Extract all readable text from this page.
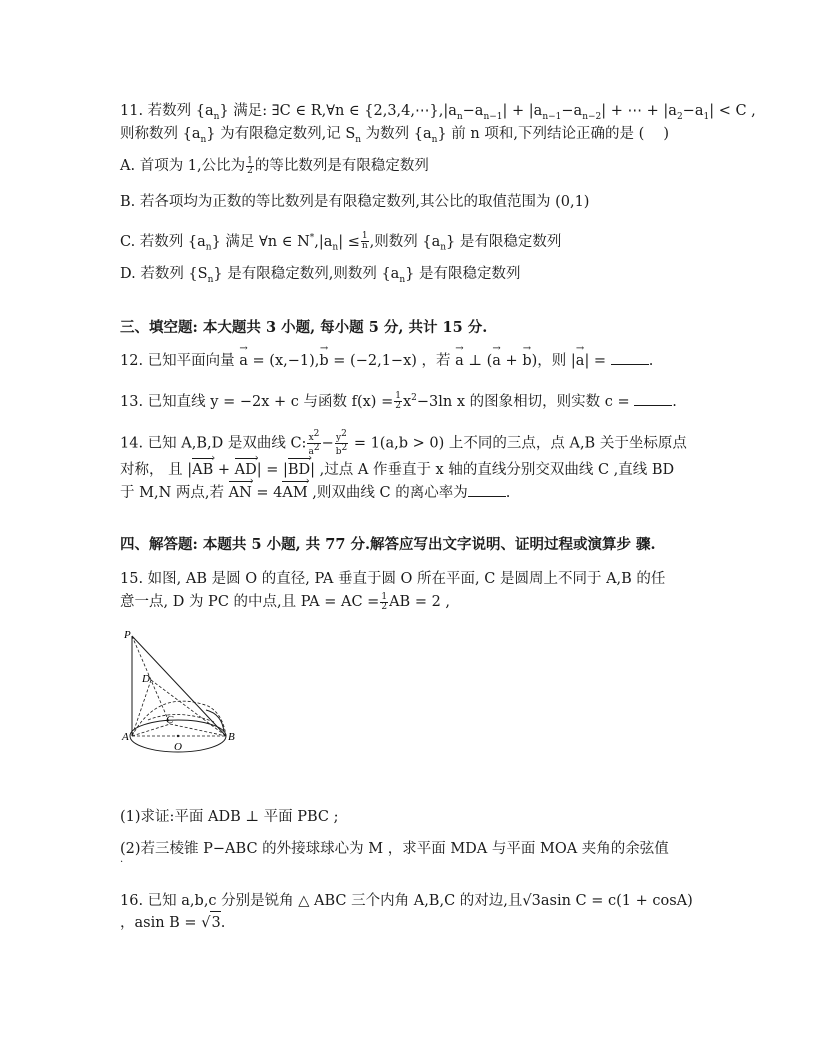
11. 若数列 $\{a_n\}$ 满足: ∃C ∈ R,∀n ∈ $\{2,3,4,\cdots\},|a_n-a_{n-1}| + |a_{n-1}-a_{n-2}|$ + ⋯ + $|a_2-a_1| < C$ ,
则称数列 $\{a_n\}$ 为有限稳定数列,记 $S_n$ 为数列 $\{a_n\}$ 前 n 项和,下列结论正确的是 (　 )
A. 首项为 1,公比为 $\frac{1}{2}$ 的等比数列是有限稳定数列
B. 若各项均为正数的等比数列是有限稳定数列,其公比的取值范围为 (0,1)
C. 若数列 $\{a_n\}$ 满足 ∀n ∈ $N^*,|a_n| \le \frac{1}{n}$ ,则数列 $\{a_n\}$ 是有限稳定数列
D. 若数列 $\{S_n\}$ 是有限稳定数列,则数列 $\{a_n\}$ 是有限稳定数列
三、填空题: 本大题共 3 小题, 每小题 5 分, 共计 15 分.
12. 已知平面向量 → a = (x,−1),→ b = (−2,1−x) ，若 → a ⊥ (→ a + → b)，则 |→ a| =	.
13. 已知直线 y = −2x + c 与函数 $f(x) = \frac{1}{2} x^2-3\ln$ x 的图象相切，则实数 c =	.
14. 已知 A,B,D 是双曲线 C: $\frac{x^2}{a^2} - \frac{y^2}{b^2} = 1(a,b > 0)$ 上不同的三点，点 A,B 关于坐标原点
对称， 且 |AB › + AD ›| = |BD ›| ,过点 A 作垂直于 x 轴的直线分别交双曲线 C ,直线 BD
于 M,N 两点,若 AN › = 4AM › ,则双曲线 C 的离心率为	.
四、解答题: 本题共 5 小题, 共 77 分.解答应写出文字说明、证明过程或演算步 骤.
15. 如图, AB 是圆 O 的直径, PA 垂直于圆 O 所在平面, C 是圆周上不同于 A,B 的任
意一点, D 为 PC 的中点,且 PA = AC = $\frac{1}{2}$ AB = 2 ,
P
D
C
A
O
B
(1)求证:平面 ADB ⊥ 平面 PBC ;
(2)若三棱锥 P−ABC 的外接球球心为 M ，求平面 MDA 与平面 MOA 夹角的余弦值
.
16. 已知 a,b,c 分别是锐角 △ ABC 三个内角 A,B,C 的对边,且√3asin C = c(1 + cosA)
，asin B = √3.
